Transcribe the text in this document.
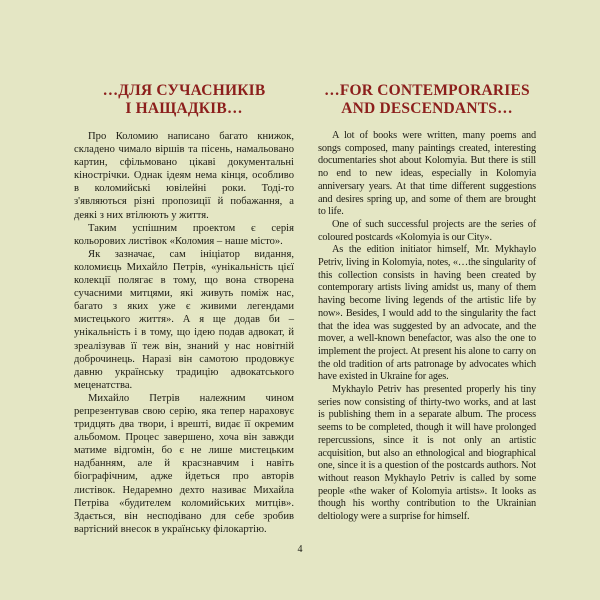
…ДЛЯ СУЧАСНИКІВ
І НАЩАДКІВ…

Про Коломию написано багато книжок, складено чимало віршів та пісень, намальовано картин, сфільмовано цікаві документальні кінострічки. Однак ідеям нема кінця, особливо в коломийські ювілейні роки. Тоді-то з'являються різні пропозиції й побажання, а деякі з них втілюють у життя.

Таким успішним проектом є серія кольорових листівок «Коломия – наше місто».

Як зазначає, сам ініціатор видання, коломиєць Михайло Петрів, «унікальність цієї колекції полягає в тому, що вона створена сучасними митцями, які живуть поміж нас, багато з яких уже є живими легендами мистецького життя». А я ще додав би – унікальність і в тому, що ідею подав адвокат, й зреалізував її теж він, знаний у нас новітній доброчинець. Наразі він самотою продовжує давню українську традицію адвокатського меценатства.

Михайло Петрів належним чином репрезентував свою серію, яка тепер нараховує тридцять два твори, і врешті, видає її окремим альбомом. Процес завершено, хоча він завжди матиме відгомін, бо є не лише мистецьким надбанням, але й красзнавчим і навіть біографічним, адже йдеться про авторів листівок. Недаремно дехто називає Михайла Петріва «будителем коломийських митців». Здається, він несподівано для себе зробив вартісний внесок в українську філокартію.

…FOR CONTEMPORARIES
AND DESCENDANTS…

A lot of books were written, many poems and songs composed, many paintings created, interesting documentaries shot about Kolomyia. But there is still no end to new ideas, especially in Kolomyia anniversary years. At that time different suggestions and desires spring up, and some of them are brought to life.

One of such successful projects are the series of coloured postcards «Kolomyia is our City».

As the edition initiator himself, Mr. Mykhaylo Petriv, living in Kolomyia, notes, «…the singularity of this collection consists in having been created by contemporary artists living amidst us, many of them having become living legends of the artistic life by now». Besides, I would add to the singularity the fact that the idea was suggested by an advocate, and the mover, a well-known benefactor, was also the one to implement the project. At present his alone to carry on the old tradition of arts patronage by advocates which have existed in Ukraine for ages.

Mykhaylo Petriv has presented properly his tiny series now consisting of thirty-two works, and at last is publishing them in a separate album. The process seems to be completed, though it will have prolonged repercussions, since it is not only an artistic acquisition, but also an ethnological and biographical one, since it is a question of the postcards authors. Not without reason Mykhaylo Petriv is called by some people «the waker of Kolomyia artists». It looks as though his worthy contribution to the Ukrainian deltiology were a surprise for himself.

4
